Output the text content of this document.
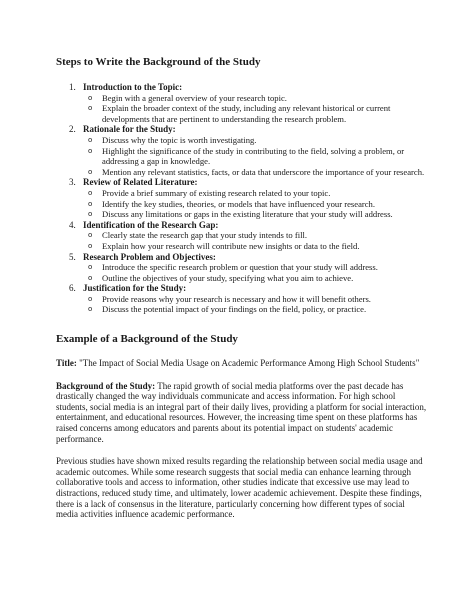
Steps to Write the Background of the Study

1. Introduction to the Topic:
o Begin with a general overview of your research topic.
o Explain the broader context of the study, including any relevant historical or current developments that are pertinent to understanding the research problem.
2. Rationale for the Study:
o Discuss why the topic is worth investigating.
o Highlight the significance of the study in contributing to the field, solving a problem, or addressing a gap in knowledge.
o Mention any relevant statistics, facts, or data that underscore the importance of your research.
3. Review of Related Literature:
o Provide a brief summary of existing research related to your topic.
o Identify the key studies, theories, or models that have influenced your research.
o Discuss any limitations or gaps in the existing literature that your study will address.
4. Identification of the Research Gap:
o Clearly state the research gap that your study intends to fill.
o Explain how your research will contribute new insights or data to the field.
5. Research Problem and Objectives:
o Introduce the specific research problem or question that your study will address.
o Outline the objectives of your study, specifying what you aim to achieve.
6. Justification for the Study:
o Provide reasons why your research is necessary and how it will benefit others.
o Discuss the potential impact of your findings on the field, policy, or practice.

Example of a Background of the Study

Title: "The Impact of Social Media Usage on Academic Performance Among High School Students"

Background of the Study: The rapid growth of social media platforms over the past decade has drastically changed the way individuals communicate and access information. For high school students, social media is an integral part of their daily lives, providing a platform for social interaction, entertainment, and educational resources. However, the increasing time spent on these platforms has raised concerns among educators and parents about its potential impact on students' academic performance.

Previous studies have shown mixed results regarding the relationship between social media usage and academic outcomes. While some research suggests that social media can enhance learning through collaborative tools and access to information, other studies indicate that excessive use may lead to distractions, reduced study time, and ultimately, lower academic achievement. Despite these findings, there is a lack of consensus in the literature, particularly concerning how different types of social media activities influence academic performance.
